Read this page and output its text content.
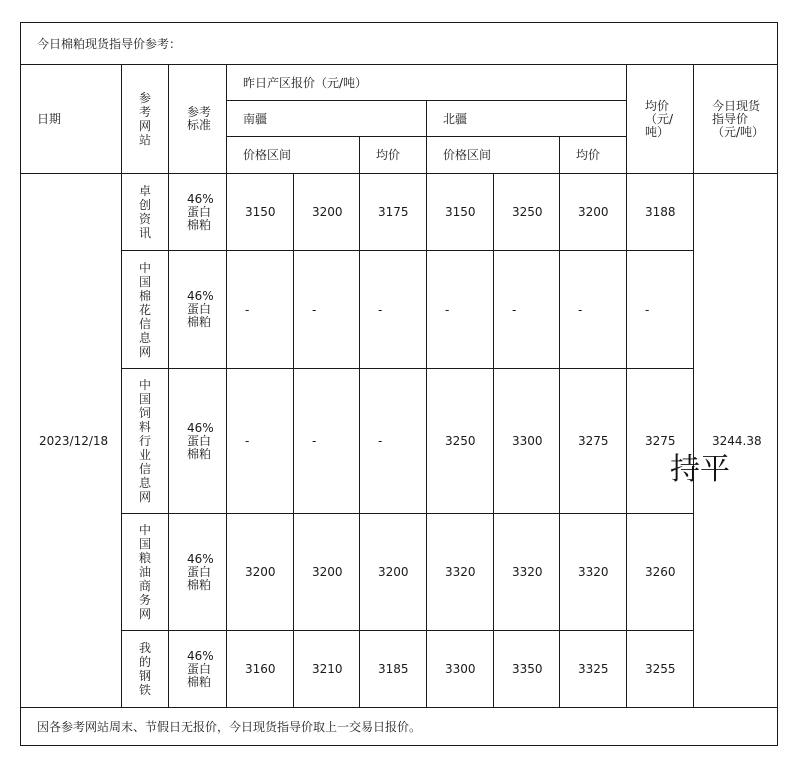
今日棉粕现货指导价参考：										
日期	参考网站	参考标准	昨日产区报价（元/吨）						均价（元/吨）	今日现货指导价（元/吨）

			南疆			北疆				
			价格区间		均价	价格区间		均价		
2023/12/18	卓创资讯	46%蛋白棉粕	3150	3200	3175	3150	3250	3200	3188	3244.38

	中国棉花信息网	46%蛋白棉粕	-	-	-	-	-	-	-	

	中国饲料行业信息网	46%蛋白棉粕	-	-	-	3250	3300	3275	3275	

	中国粮油商务网	46%蛋白棉粕	3200	3200	3200	3320	3320	3320	3260	

	我的钢铁	46%蛋白棉粕	3160	3210	3185	3300	3350	3325	3255	
因各参考网站周末、节假日无报价，今日现货指导价取上一交易日报价。										
持平
